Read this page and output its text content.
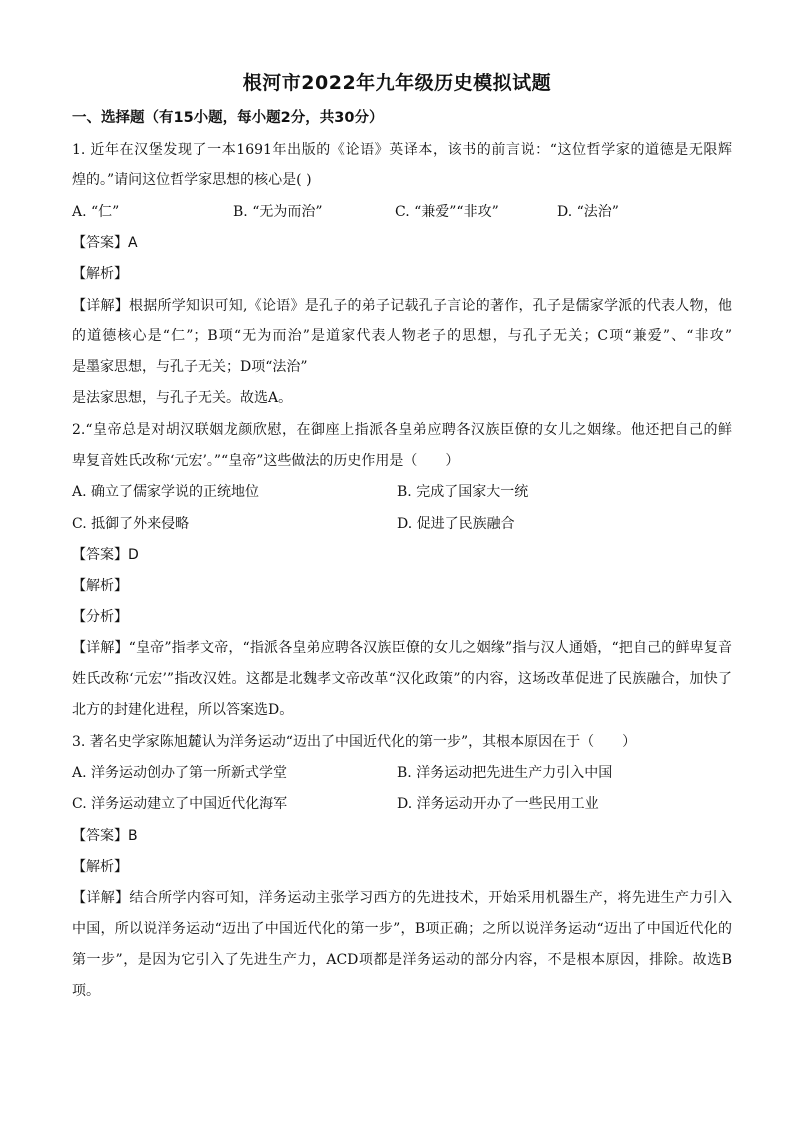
根河市2022年九年级历史模拟试题
一、选择题（有15小题，每小题2分，共30分）
1. 近年在汉堡发现了一本1691年出版的《论语》英译本，该书的前言说：“这位哲学家的道德是无限辉
煌的。”请问这位哲学家思想的核心是( )
A. “仁”	B. “无为而治”	C. “兼爱”“非攻”	D. “法治”
【答案】A
【解析】
【详解】根据所学知识可知,《论语》是孔子的弟子记载孔子言论的著作，孔子是儒家学派的代表人物，他
的道德核心是“仁”；B项“无为而治”是道家代表人物老子的思想，与孔子无关；C项“兼爱”、“非攻”
是墨家思想，与孔子无关；D项“法治”
是法家思想，与孔子无关。故选A。
2.“皇帝总是对胡汉联姻龙颜欣慰，在御座上指派各皇弟应聘各汉族臣僚的女儿之姻缘。他还把自己的鲜
卑复音姓氏改称‘元宏’。”“皇帝”这些做法的历史作用是（　　）
A. 确立了儒家学说的正统地位	B. 完成了国家大一统
C. 抵御了外来侵略	D. 促进了民族融合
【答案】D
【解析】
【分析】
【详解】“皇帝”指孝文帝，“指派各皇弟应聘各汉族臣僚的女儿之姻缘”指与汉人通婚，“把自己的鲜卑复音
姓氏改称‘元宏’”指改汉姓。这都是北魏孝文帝改革“汉化政策”的内容，这场改革促进了民族融合，加快了
北方的封建化进程，所以答案选D。
3. 著名史学家陈旭麓认为洋务运动“迈出了中国近代化的第一步”，其根本原因在于（　　）
A. 洋务运动创办了第一所新式学堂	B. 洋务运动把先进生产力引入中国
C. 洋务运动建立了中国近代化海军	D. 洋务运动开办了一些民用工业
【答案】B
【解析】
【详解】结合所学内容可知，洋务运动主张学习西方的先进技术，开始采用机器生产，将先进生产力引入
中国，所以说洋务运动“迈出了中国近代化的第一步”，B项正确；之所以说洋务运动“迈出了中国近代化的
第一步”，是因为它引入了先进生产力，ACD项都是洋务运动的部分内容，不是根本原因，排除。故选B
项。
